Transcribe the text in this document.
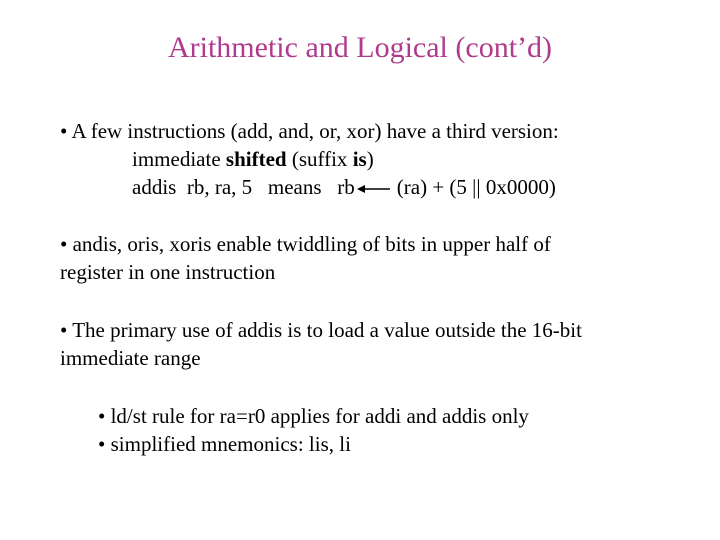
Arithmetic and Logical (cont’d)
• A few instructions (add, and, or, xor) have a third version:
immediate shifted (suffix is)
addis  rb, ra, 5   means   rb (ra) + (5 || 0x0000)
• andis, oris, xoris enable twiddling of bits in upper half of
register in one instruction
• The primary use of addis is to load a value outside the 16-bit
immediate range
• ld/st rule for ra=r0 applies for addi and addis only
• simplified mnemonics: lis, li
